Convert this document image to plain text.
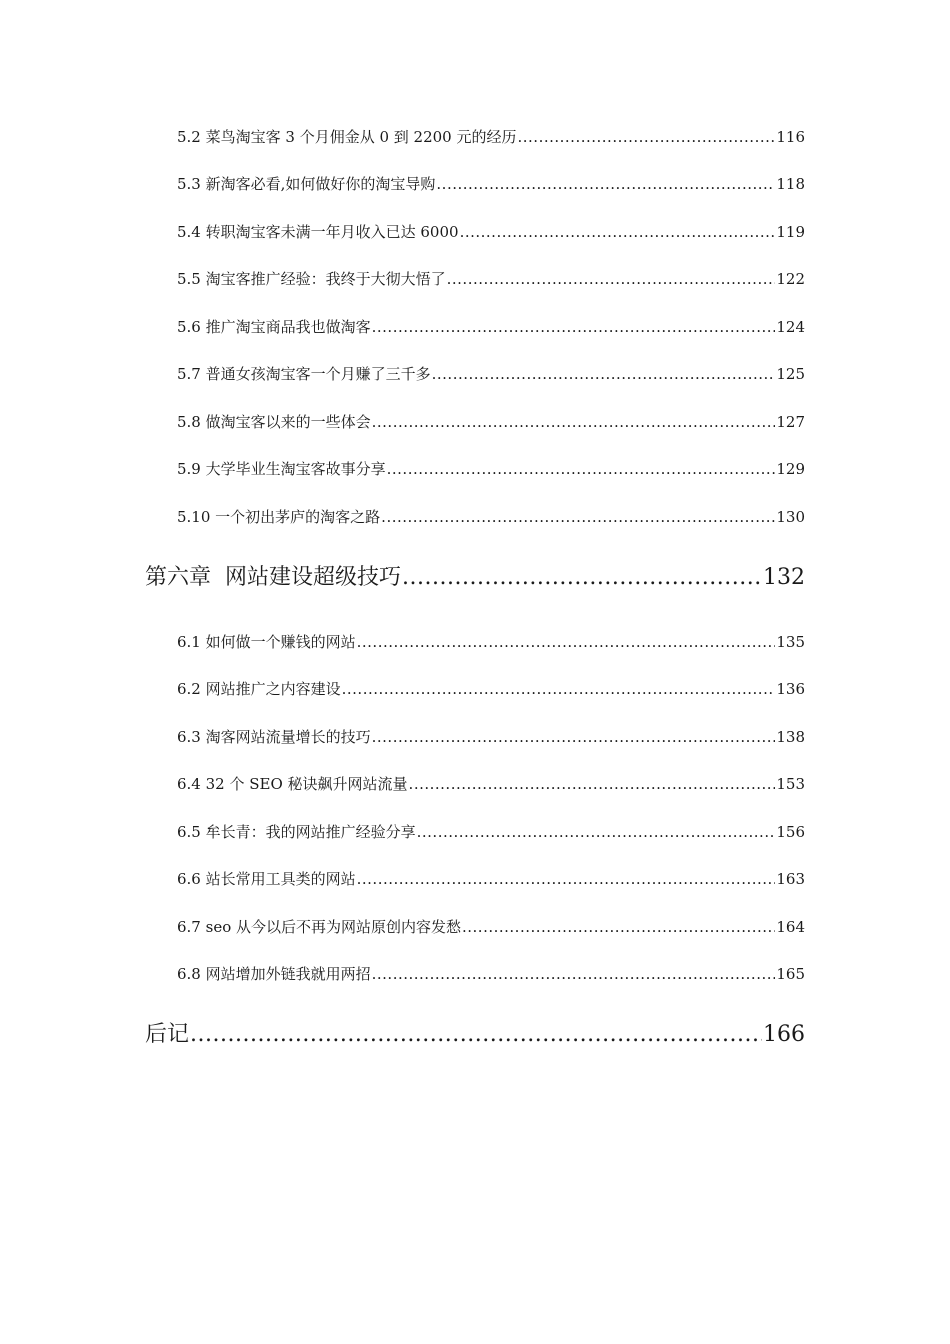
5.2 菜鸟淘宝客 3 个月佣金从 0 到 2200 元的经历 .....	116
5.3 新淘客必看,如何做好你的淘宝导购 .....	118
5.4 转职淘宝客未满一年月收入已达 6000 .....	119
5.5 淘宝客推广经验：我终于大彻大悟了 .....	122
5.6 推广淘宝商品我也做淘客 .....	124
5.7 普通女孩淘宝客一个月赚了三千多 .....	125
5.8 做淘宝客以来的一些体会 .....	127
5.9 大学毕业生淘宝客故事分享 .....	129
5.10 一个初出茅庐的淘客之路 .....	130
第六章 网站建设超级技巧 .....	132
6.1 如何做一个赚钱的网站 .....	135
6.2 网站推广之内容建设 .....	136
6.3 淘客网站流量增长的技巧 .....	138
6.4 32 个 SEO 秘诀飙升网站流量 .....	153
6.5 牟长青：我的网站推广经验分享 .....	156
6.6 站长常用工具类的网站 .....	163
6.7 seo 从今以后不再为网站原创内容发愁 .....	164
6.8 网站增加外链我就用两招 .....	165
后记 .....	166
